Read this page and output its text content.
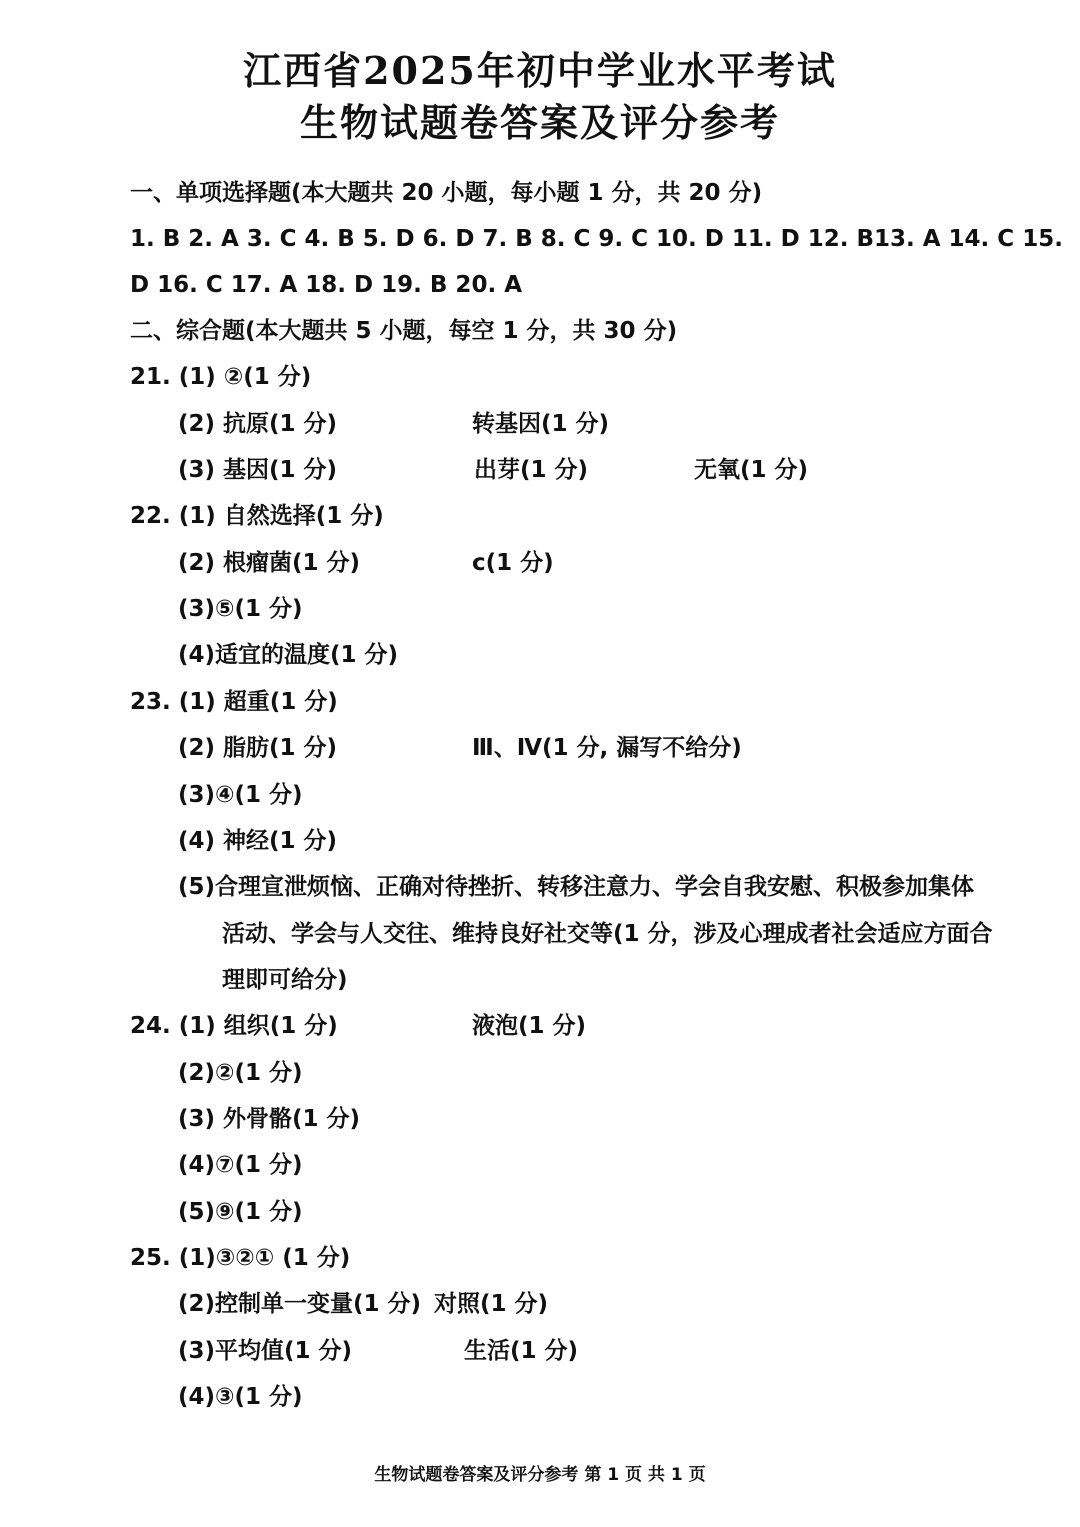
江西省2025年初中学业水平考试
生物试题卷答案及评分参考
一、单项选择题(本大题共 20 小题，每小题 1 分，共 20 分)
1. B 2. A 3. C 4. B 5. D 6. D 7. B 8. C 9. C 10. D 11. D 12. B13. A 14. C 15.
D 16. C 17. A 18. D 19. B 20. A
二、综合题(本大题共 5 小题，每空 1 分，共 30 分)
21. (1) ②(1 分)
(2) 抗原(1 分)	转基因(1 分)
(3) 基因(1 分)	出芽(1 分)	无氧(1 分)
22. (1) 自然选择(1 分)
(2) 根瘤菌(1 分)	c(1 分)
(3)⑤(1 分)
(4)适宜的温度(1 分)
23. (1) 超重(1 分)
(2) 脂肪(1 分)	Ⅲ、Ⅳ(1 分, 漏写不给分)
(3)④(1 分)
(4) 神经(1 分)
(5)合理宣泄烦恼、正确对待挫折、转移注意力、学会自我安慰、积极参加集体
活动、学会与人交往、维持良好社交等(1 分，涉及心理成者社会适应方面合
理即可给分)
24. (1) 组织(1 分)	液泡(1 分)
(2)②(1 分)
(3) 外骨骼(1 分)
(4)⑦(1 分)
(5)⑨(1 分)
25. (1)③②① (1 分)
(2)控制单一变量(1 分) 对照(1 分)
(3)平均值(1 分)	生活(1 分)
(4)③(1 分)
生物试题卷答案及评分参考 第 1 页 共 1 页
